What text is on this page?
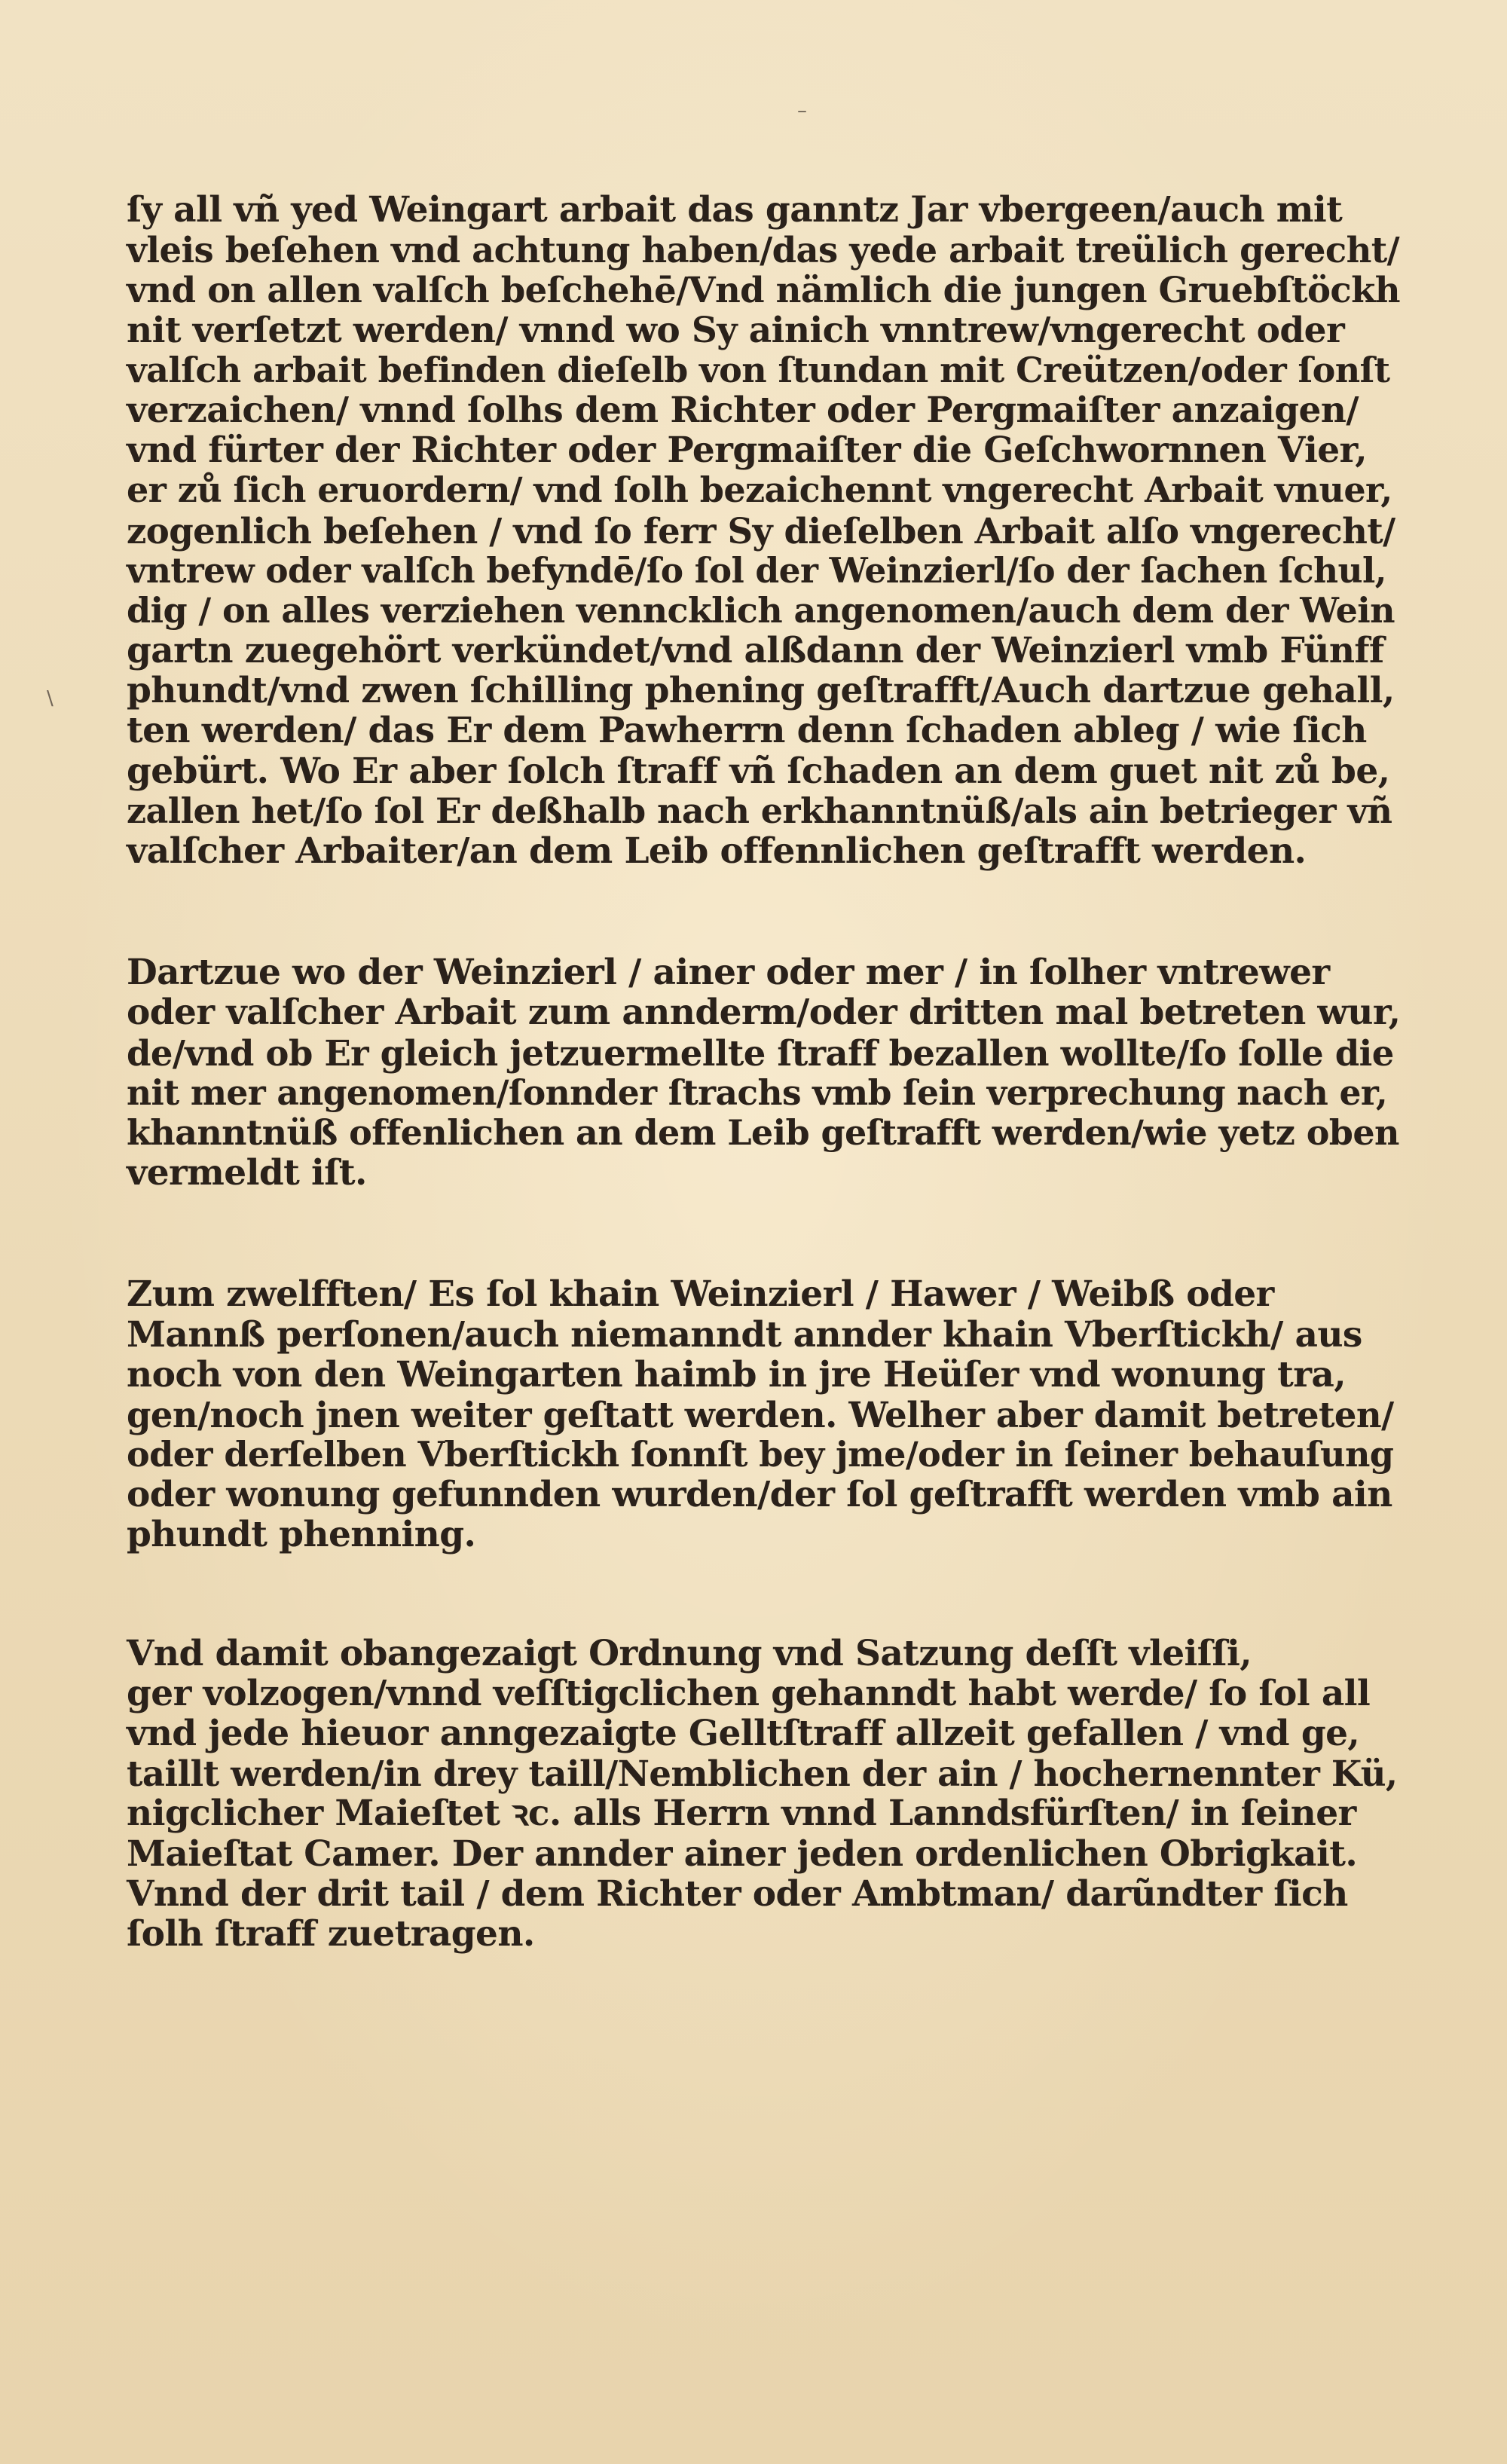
–
\
ſy all vñ yed Weingart arbait das ganntz Jar vbergeen/auch mit
vleis beſehen vnd achtung haben/das yede arbait treülich gerecht/
vnd on allen valſch beſchehē/Vnd nämlich die jungen Gruebſtöckh
nit verſetzt werden/ vnnd wo Sy ainich vnntrew/vngerecht oder
valſch arbait befinden dieſelb von ſtundan mit Creützen/oder ſonſt
verzaichen/ vnnd ſolhs dem Richter oder Pergmaiſter anzaigen/
vnd fürter der Richter oder Pergmaiſter die Geſchwornnen Vier,
er zů ſich eruordern/ vnd ſolh bezaichennt vngerecht Arbait vnuer,
zogenlich beſehen / vnd ſo ferr Sy dieſelben Arbait alſo vngerecht/
vntrew oder valſch befyndē/ſo ſol der Weinzierl/ſo der ſachen ſchul,
dig / on alles verziehen venncklich angenomen/auch dem der Wein
gartn zuegehört verkündet/vnd alßdann der Weinzierl vmb Fünff
phundt/vnd zwen ſchilling phening geſtrafft/Auch dartzue gehall,
ten werden/ das Er dem Pawherrn denn ſchaden ableg / wie ſich
gebürt. Wo Er aber ſolch ſtraff vñ ſchaden an dem guet nit zů be,
zallen het/ſo ſol Er deßhalb nach erkhanntnüß/als ain betrieger vñ
valſcher Arbaiter/an dem Leib offennlichen geſtrafft werden.
Dartzue wo der Weinzierl / ainer oder mer / in ſolher vntrewer
oder valſcher Arbait zum annderm/oder dritten mal betreten wur,
de/vnd ob Er gleich jetzuermellte ſtraff bezallen wollte/ſo ſolle die
nit mer angenomen/ſonnder ſtrachs vmb ſein verprechung nach er,
khanntnüß offenlichen an dem Leib geſtrafft werden/wie yetz oben
vermeldt iſt.
Zum zwelfften/ Es ſol khain Weinzierl / Hawer / Weibß oder
Mannß perſonen/auch niemanndt annder khain Vberſtickh/ aus
noch von den Weingarten haimb in jre Heüſer vnd wonung tra,
gen/noch jnen weiter geſtatt werden. Welher aber damit betreten/
oder derſelben Vberſtickh ſonnſt bey jme/oder in ſeiner behauſung
oder wonung gefunnden wurden/der ſol geſtrafft werden vmb ain
phundt phenning.
Vnd damit obangezaigt Ordnung vnd Satzung deſſt vleiſſi,
ger volzogen/vnnd veſſtigclichen gehanndt habt werde/ ſo ſol all
vnd jede hieuor anngezaigte Gelltſtraff allzeit gefallen / vnd ge,
taillt werden/in drey taill/Nemblichen der ain / hochernennter Kü,
nigclicher Maieſtet ꝛc. alls Herrn vnnd Lanndsfürſten/ in ſeiner
Maieſtat Camer. Der annder ainer jeden ordenlichen Obrigkait.
Vnnd der drit tail / dem Richter oder Ambtman/ darũndter ſich
ſolh ſtraff zuetragen.
